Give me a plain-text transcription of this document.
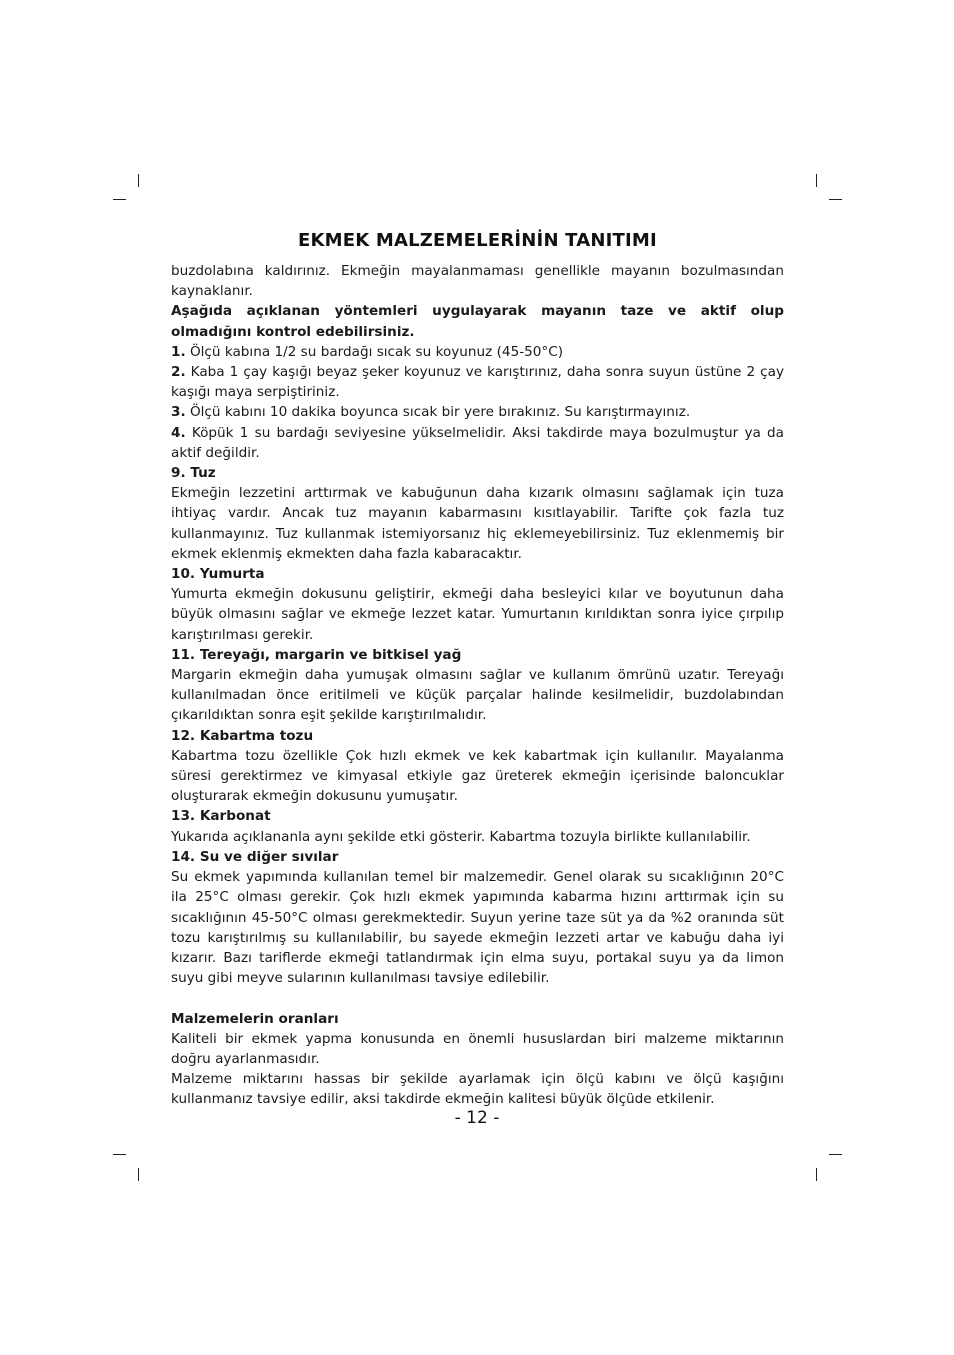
EKMEK MALZEMELERİNİN TANITIMI

buzdolabına kaldırınız. Ekmeğin mayalanmaması genellikle mayanın bozulmasından kaynaklanır.

Aşağıda açıklanan yöntemleri uygulayarak mayanın taze ve aktif olup olmadığını kontrol edebilirsiniz.

1. Ölçü kabına 1/2 su bardağı sıcak su koyunuz (45-50°C)

2. Kaba 1 çay kaşığı beyaz şeker koyunuz ve karıştırınız, daha sonra suyun üstüne 2 çay kaşığı maya serpiştiriniz.

3. Ölçü kabını 10 dakika boyunca sıcak bir yere bırakınız. Su karıştırmayınız.

4. Köpük 1 su bardağı seviyesine yükselmelidir. Aksi takdirde maya bozulmuştur ya da aktif değildir.

9. Tuz

Ekmeğin lezzetini arttırmak ve kabuğunun daha kızarık olmasını sağlamak için tuza ihtiyaç vardır. Ancak tuz mayanın kabarmasını kısıtlayabilir. Tarifte çok fazla tuz kullanmayınız. Tuz kullanmak istemiyorsanız hiç eklemeyebilirsiniz. Tuz eklenmemiş bir ekmek eklenmiş ekmekten daha fazla kabaracaktır.

10. Yumurta

Yumurta ekmeğin dokusunu geliştirir, ekmeği daha besleyici kılar ve boyutunun daha büyük olmasını sağlar ve ekmeğe lezzet katar. Yumurtanın kırıldıktan sonra iyice çırpılıp karıştırılması gerekir.

11. Tereyağı, margarin ve bitkisel yağ

Margarin ekmeğin daha yumuşak olmasını sağlar ve kullanım ömrünü uzatır. Tereyağı kullanılmadan önce eritilmeli ve küçük parçalar halinde kesilmelidir, buzdolabından çıkarıldıktan sonra eşit şekilde karıştırılmalıdır.

12. Kabartma tozu

Kabartma tozu özellikle Çok hızlı ekmek ve kek kabartmak için kullanılır. Mayalanma süresi gerektirmez ve kimyasal etkiyle gaz üreterek ekmeğin içerisinde baloncuklar oluşturarak ekmeğin dokusunu yumuşatır.

13. Karbonat

Yukarıda açıklananla aynı şekilde etki gösterir. Kabartma tozuyla birlikte kullanılabilir.

14. Su ve diğer sıvılar

Su ekmek yapımında kullanılan temel bir malzemedir. Genel olarak su sıcaklığının 20°C ila 25°C olması gerekir. Çok hızlı ekmek yapımında kabarma hızını arttırmak için su sıcaklığının 45-50°C olması gerekmektedir. Suyun yerine taze süt ya da %2 oranında süt tozu karıştırılmış su kullanılabilir, bu sayede ekmeğin lezzeti artar ve kabuğu daha iyi kızarır. Bazı tariflerde ekmeği tatlandırmak için elma suyu, portakal suyu ya da limon suyu gibi meyve sularının kullanılması tavsiye edilebilir.

Malzemelerin oranları

Kaliteli bir ekmek yapma konusunda en önemli hususlardan biri malzeme miktarının doğru ayarlanmasıdır.

Malzeme miktarını hassas bir şekilde ayarlamak için ölçü kabını ve ölçü kaşığını kullanmanız tavsiye edilir, aksi takdirde ekmeğin kalitesi büyük ölçüde etkilenir.

- 12 -
